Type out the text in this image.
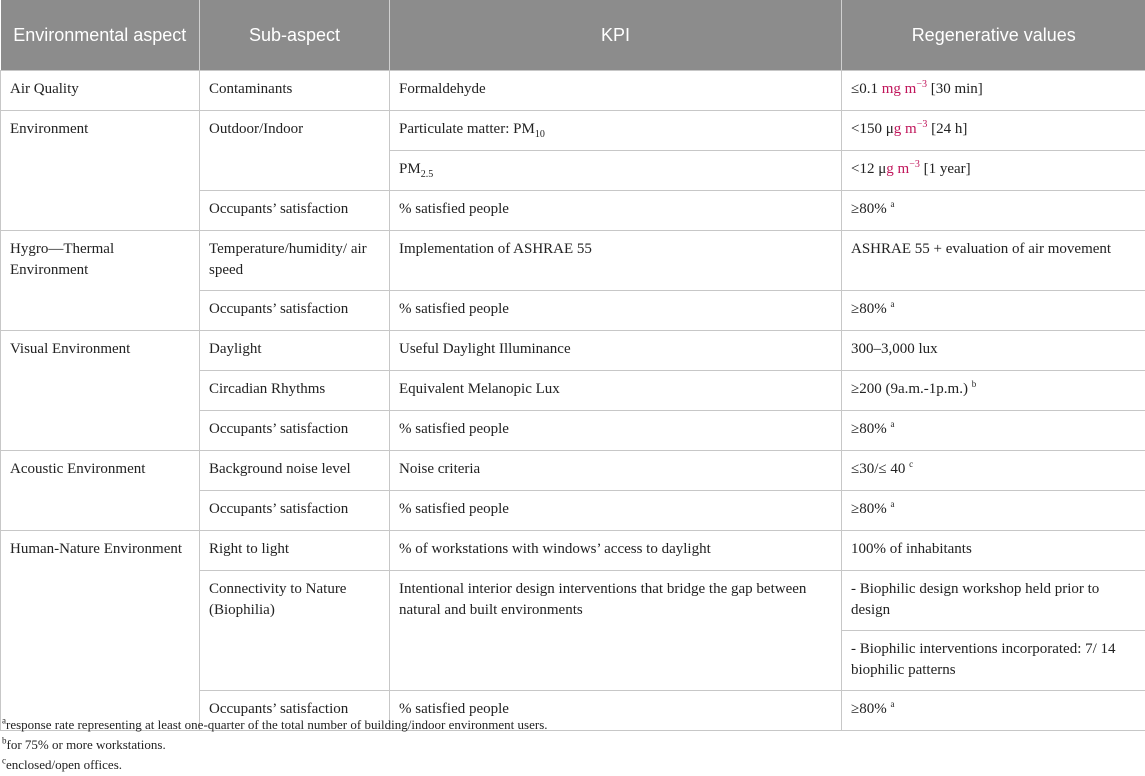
Environmental aspect	Sub-aspect	KPI	Regenerative values
Air Quality	Contaminants	Formaldehyde	≤0.1 mg $m^{-3}$ [30 min]
Environment	Outdoor/Indoor	Particulate matter: $PM_{10}$	<150 μg $m^{-3}$ [24 h]
		$PM_{2.5}$	<12 μg $m^{-3}$ [1 year]
	Occupants’ satisfaction	% satisfied people	≥80% $^a$
Hygro—Thermal Environment	Temperature/humidity/ air speed	Implementation of ASHRAE 55	ASHRAE 55 + evaluation of air movement
	Occupants’ satisfaction	% satisfied people	≥80% $^a$
Visual Environment	Daylight	Useful Daylight Illuminance	300–3,000 lux
	Circadian Rhythms	Equivalent Melanopic Lux	≥200 (9a.m.-1p.m.) $^b$
	Occupants’ satisfaction	% satisfied people	≥80% $^a$
Acoustic Environment	Background noise level	Noise criteria	≤30/≤ 40 $^c$
	Occupants’ satisfaction	% satisfied people	≥80% $^a$
Human-Nature Environment	Right to light	% of workstations with windows’ access to daylight	100% of inhabitants
	Connectivity to Nature (Biophilia)	Intentional interior design interventions that bridge the gap between natural and built environments	- Biophilic design workshop held prior to design
			- Biophilic interventions incorporated: 7/ 14 biophilic patterns
	Occupants’ satisfaction	% satisfied people	≥80% $^a$
$^a$response rate representing at least one-quarter of the total number of building/indoor environment users.
$^b$for 75% or more workstations.
$^c$enclosed/open offices.
